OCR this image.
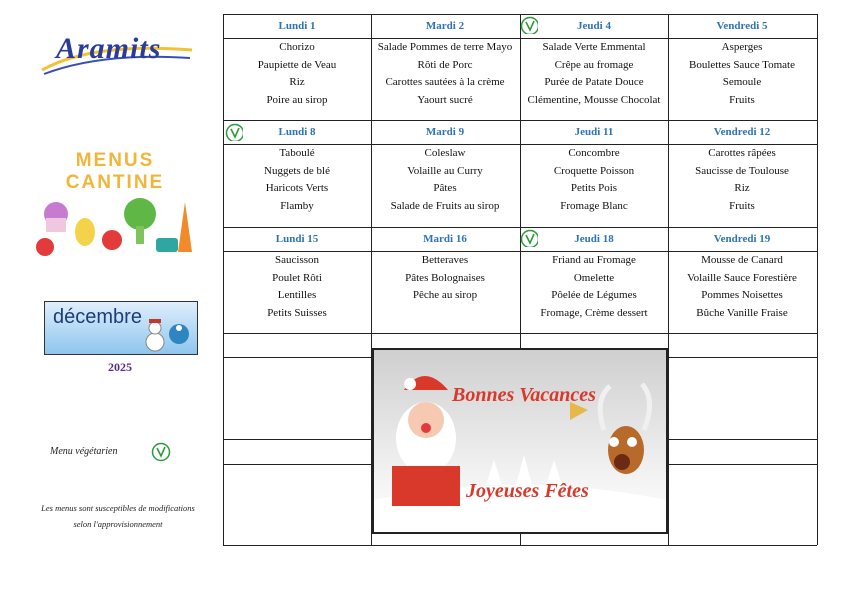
Aramits
MENUS CANTINE
décembre
2025
Menu végétarien
Les menus sont susceptibles de modifications
selon l'approvisionnement
Lundi 1
Chorizo
Paupiette de Veau
Riz
Poire au sirop
Mardi 2
Salade Pommes de terre Mayo
Rôti de Porc
Carottes sautées à la crème
Yaourt sucré
Jeudi 4
Salade Verte Emmental
Crêpe au fromage
Purée de Patate Douce
Clémentine, Mousse Chocolat
Vendredi 5
Asperges
Boulettes Sauce Tomate
Semoule
Fruits
Lundi 8
Taboulé
Nuggets de blé
Haricots Verts
Flamby
Mardi 9
Coleslaw
Volaille au Curry
Pâtes
Salade de Fruits au sirop
Jeudi 11
Concombre
Croquette Poisson
Petits Pois
Fromage Blanc
Vendredi 12
Carottes râpées
Saucisse de Toulouse
Riz
Fruits
Lundi 15
Saucisson
Poulet Rôti
Lentilles
Petits Suisses
Mardi 16
Betteraves
Pâtes Bolognaises
Pêche au sirop
Jeudi 18
Friand au Fromage
Omelette
Pôelée de Légumes
Fromage, Crème dessert
Vendredi 19
Mousse de Canard
Volaille Sauce Forestière
Pommes Noisettes
Bûche Vanille Fraise
Bonnes Vacances
Joyeuses Fêtes
